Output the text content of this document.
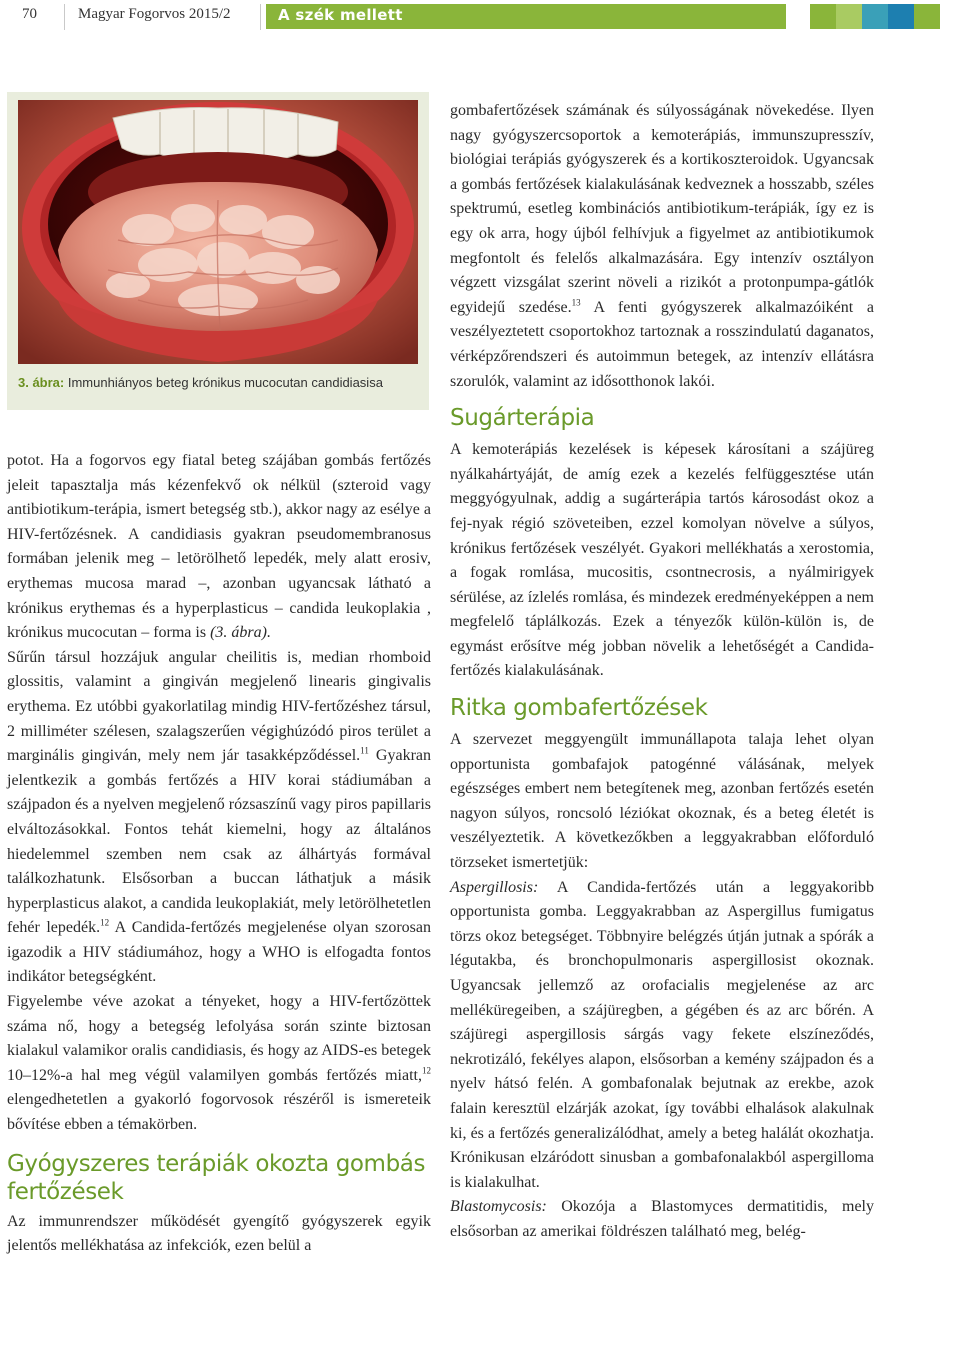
70	Magyar Fogorvos 2015/2	A szék mellett
3. ábra: Immunhiányos beteg krónikus mucocutan candidiasisa

potot. Ha a fogorvos egy fiatal beteg szájában gombás fertőzés jeleit tapasztalja más kézenfekvő ok nélkül (szteroid vagy antibiotikum-terápia, ismert betegség stb.), akkor nagy az esélye a HIV-fertőzésnek. A candidiasis gyakran pseudomembranosus formában jelenik meg – letörölhető lepedék, mely alatt erosiv, erythemas mucosa marad –, azonban ugyancsak látható a krónikus erythemas és a hyperplasticus – candida leukoplakia , krónikus mucocutan – forma is (3. ábra).

Sűrűn társul hozzájuk angular cheilitis is, median rhomboid glossitis, valamint a gingiván megjelenő linearis gingivalis erythema. Ez utóbbi gyakorlatilag mindig HIV-fertőzéshez társul, 2 milliméter szélesen, szalagszerűen végighúzódó piros terület a marginális gingiván, mely nem jár tasakképződéssel.$^{11}$ Gyakran jelentkezik a gombás fertőzés a HIV korai stádiumában a szájpadon és a nyelven megjelenő rózsaszínű vagy piros papillaris elváltozásokkal. Fontos tehát kiemelni, hogy az általános hiedelemmel szemben nem csak az álhártyás formával találkozhatunk. Elsősorban a buccan láthatjuk a másik hyperplasticus alakot, a candida leukoplakiát, mely letörölhetetlen fehér lepedék.$^{12}$ A Candida-fertőzés megjelenése olyan szorosan igazodik a HIV stádiumához, hogy a WHO is elfogadta fontos indikátor betegségként.

Figyelembe véve azokat a tényeket, hogy a HIV-fertőzöttek száma nő, hogy a betegség lefolyása során szinte biztosan kialakul valamikor oralis candidiasis, és hogy az AIDS-es betegek 10–12%-a hal meg végül valamilyen gombás fertőzés miatt,$^{12}$ elengedhetetlen a gyakorló fogorvosok részéről is ismereteik bővítése ebben a témakörben.

Gyógyszeres terápiák okozta gombás fertőzések

Az immunrendszer működését gyengítő gyógyszerek egyik jelentős mellékhatása az infekciók, ezen belül a

gombafertőzések számának és súlyosságának növekedése. Ilyen nagy gyógyszercsoportok a kemoterápiás, immunszupresszív, biológiai terápiás gyógyszerek és a kortikoszteroidok. Ugyancsak a gombás fertőzések kialakulásának kedveznek a hosszabb, széles spektrumú, esetleg kombinációs antibiotikum-terápiák, így ez is egy ok arra, hogy újból felhívjuk a figyelmet az antibiotikumok megfontolt és felelős alkalmazására. Egy intenzív osztályon végzett vizsgálat szerint növeli a rizikót a protonpumpa-gátlók egyidejű szedése.$^{13}$ A fenti gyógyszerek alkalmazóiként a veszélyeztetett csoportokhoz tartoznak a rosszindulatú daganatos, vérképzőrendszeri és autoimmun betegek, az intenzív ellátásra szorulók, valamint az idősotthonok lakói.

Sugárterápia

A kemoterápiás kezelések is képesek károsítani a szájüreg nyálkahártyáját, de amíg ezek a kezelés felfüggesztése után meggyógyulnak, addig a sugárterápia tartós károsodást okoz a fej-nyak régió szöveteiben, ezzel komolyan növelve a súlyos, krónikus fertőzések veszélyét. Gyakori mellékhatás a xerostomia, a fogak romlása, mucositis, csontnecrosis, a nyálmirigyek sérülése, az ízlelés romlása, és mindezek eredményeképpen a nem megfelelő táplálkozás. Ezek a tényezők külön-külön is, de egymást erősítve még jobban növelik a lehetőségét a Candida-fertőzés kialakulásának.

Ritka gombafertőzések

A szervezet meggyengült immunállapota talaja lehet olyan opportunista gombafajok patogénné válásának, melyek egészséges embert nem betegítenek meg, azonban fertőzés esetén nagyon súlyos, roncsoló léziókat okoznak, és a beteg életét is veszélyeztetik. A következőkben a leggyakrabban előforduló törzseket ismertetjük:

Aspergillosis: A Candida-fertőzés után a leggyakoribb opportunista gomba. Leggyakrabban az Aspergillus fumigatus törzs okoz betegséget. Többnyire belégzés útján jutnak a spórák a légutakba, és bronchopulmonaris aspergillosist okoznak. Ugyancsak jellemző az orofacialis megjelenése az arc melléküregeiben, a szájüregben, a gégében és az arc bőrén. A szájüregi aspergillosis sárgás vagy fekete elszíneződés, nekrotizáló, fekélyes alapon, elsősorban a kemény szájpadon és a nyelv hátsó felén. A gombafonalak bejutnak az erekbe, azok falain keresztül elzárják azokat, így további elhalások alakulnak ki, és a fertőzés generalizálódhat, amely a beteg halálát okozhatja. Krónikusan elzáródott sinusban a gombafonalakból aspergilloma is kialakulhat.

Blastomycosis: Okozója a Blastomyces dermatitidis, mely elsősorban az amerikai földrészen található meg, belég-
